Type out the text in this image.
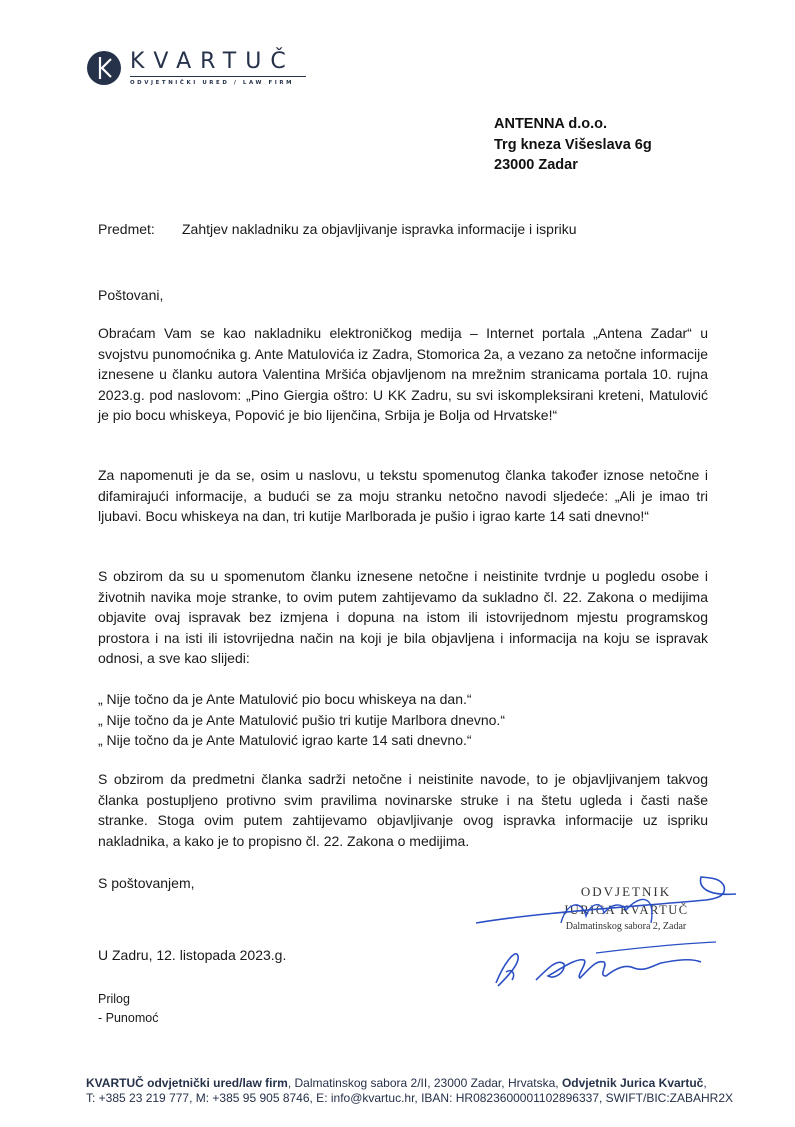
KVARTUČ
ODVJETNIČKI URED / LAW FIRM
ANTENNA d.o.o.
Trg kneza Višeslava 6g
23000 Zadar
Predmet: Zahtjev nakladniku za objavljivanje ispravka informacije i ispriku
Poštovani,

Obraćam Vam se kao nakladniku elektroničkog medija – Internet portala „Antena Zadar“ u svojstvu punomoćnika g. Ante Matulovića iz Zadra, Stomorica 2a, a vezano za netočne informacije iznesene u članku autora Valentina Mršića objavljenom na mrežnim stranicama portala 10. rujna 2023.g. pod naslovom: „Pino Giergia oštro: U KK Zadru, su svi iskompleksirani kreteni, Matulović je pio bocu whiskeya, Popović je bio lijenčina, Srbija je Bolja od Hrvatske!“

Za napomenuti je da se, osim u naslovu, u tekstu spomenutog članka također iznose netočne i difamirajući informacije, a budući se za moju stranku netočno navodi sljedeće: „Ali je imao tri ljubavi. Bocu whiskeya na dan, tri kutije Marlborada je pušio i igrao karte 14 sati dnevno!“

S obzirom da su u spomenutom članku iznesene netočne i neistinite tvrdnje u pogledu osobe i životnih navika moje stranke, to ovim putem zahtijevamo da sukladno čl. 22. Zakona o medijima objavite ovaj ispravak bez izmjena i dopuna na istom ili istovrijednom mjestu programskog prostora i na isti ili istovrijedna način na koji je bila objavljena i informacija na koju se ispravak odnosi, a sve kao slijedi:

„ Nije točno da je Ante Matulović pio bocu whiskeya na dan.“
„ Nije točno da je Ante Matulović pušio tri kutije Marlbora dnevno.“
„ Nije točno da je Ante Matulović igrao karte 14 sati dnevno.“

S obzirom da predmetni članka sadrži netočne i neistinite navode, to je objavljivanjem takvog članka postupljeno protivno svim pravilima novinarske struke i na štetu ugleda i časti naše stranke. Stoga ovim putem zahtijevamo objavljivanje ovog ispravka informacije uz ispriku nakladnika, a kako je to propisno čl. 22. Zakona o medijima.

S poštovanjem,
U Zadru, 12. listopada 2023.g.
Prilog
- Punomoć
ODVJETNIK
JURICA KVARTUČ
Dalmatinskog sabora 2, Zadar
KVARTUČ odvjetnički ured/law firm, Dalmatinskog sabora 2/II, 23000 Zadar, Hrvatska, Odvjetnik Jurica Kvartuč,
T: +385 23 219 777, M: +385 95 905 8746, E: info@kvartuc.hr, IBAN: HR0823600001102896337, SWIFT/BIC:ZABAHR2X
